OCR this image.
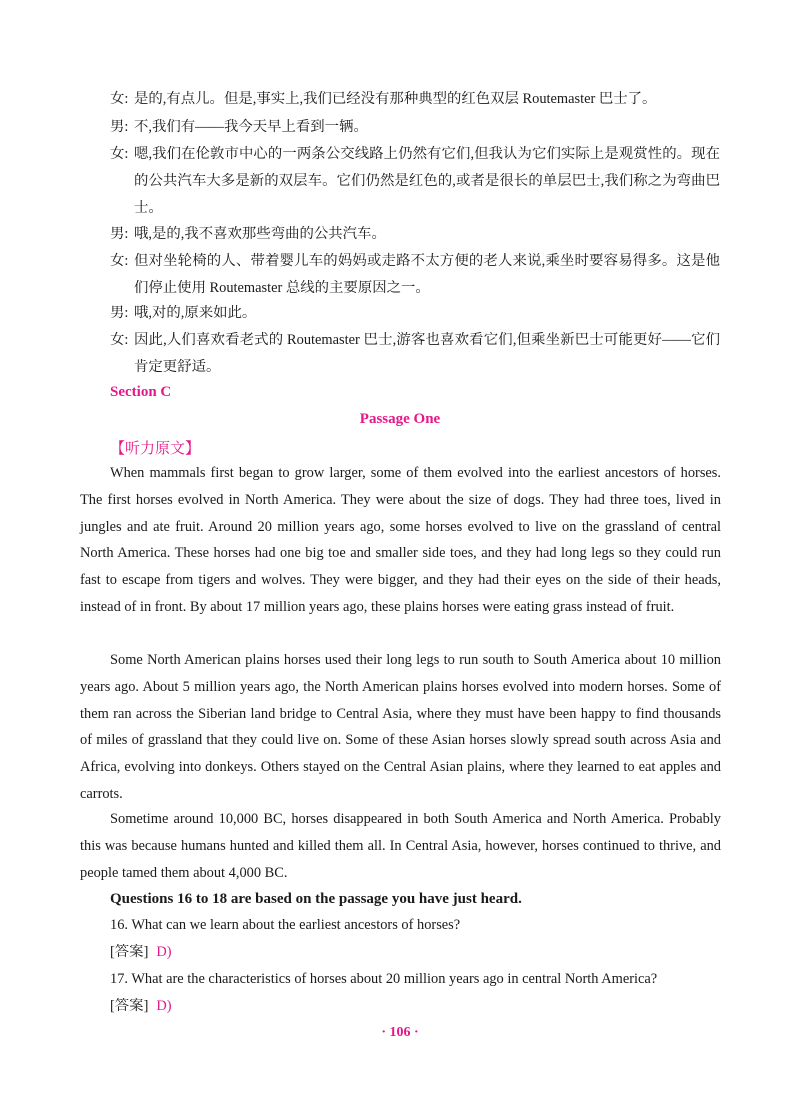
女: 是的,有点儿。但是,事实上,我们已经没有那种典型的红色双层 Routemaster 巴士了。
男: 不,我们有——我今天早上看到一辆。
女: 嗯,我们在伦敦市中心的一两条公交线路上仍然有它们,但我认为它们实际上是观赏性的。现在的公共汽车大多是新的双层车。它们仍然是红色的,或者是很长的单层巴士,我们称之为弯曲巴士。
男: 哦,是的,我不喜欢那些弯曲的公共汽车。
女: 但对坐轮椅的人、带着婴儿车的妈妈或走路不太方便的老人来说,乘坐时要容易得多。这是他们停止使用 Routemaster 总线的主要原因之一。
男: 哦,对的,原来如此。
女: 因此,人们喜欢看老式的 Routemaster 巴士,游客也喜欢看它们,但乘坐新巴士可能更好——它们肯定更舒适。
Section C
Passage One
【听力原文】
When mammals first began to grow larger, some of them evolved into the earliest ancestors of horses. The first horses evolved in North America. They were about the size of dogs. They had three toes, lived in jungles and ate fruit. Around 20 million years ago, some horses evolved to live on the grassland of central North America. These horses had one big toe and smaller side toes, and they had long legs so they could run fast to escape from tigers and wolves. They were bigger, and they had their eyes on the side of their heads, instead of in front. By about 17 million years ago, these plains horses were eating grass instead of fruit.
Some North American plains horses used their long legs to run south to South America about 10 million years ago. About 5 million years ago, the North American plains horses evolved into modern horses. Some of them ran across the Siberian land bridge to Central Asia, where they must have been happy to find thousands of miles of grassland that they could live on. Some of these Asian horses slowly spread south across Asia and Africa, evolving into donkeys. Others stayed on the Central Asian plains, where they learned to eat apples and carrots.
Sometime around 10,000 BC, horses disappeared in both South America and North America. Probably this was because humans hunted and killed them all. In Central Asia, however, horses continued to thrive, and people tamed them about 4,000 BC.
Questions 16 to 18 are based on the passage you have just heard.
16. What can we learn about the earliest ancestors of horses?
[答案] D)
17. What are the characteristics of horses about 20 million years ago in central North America?
[答案] D)
· 106 ·
